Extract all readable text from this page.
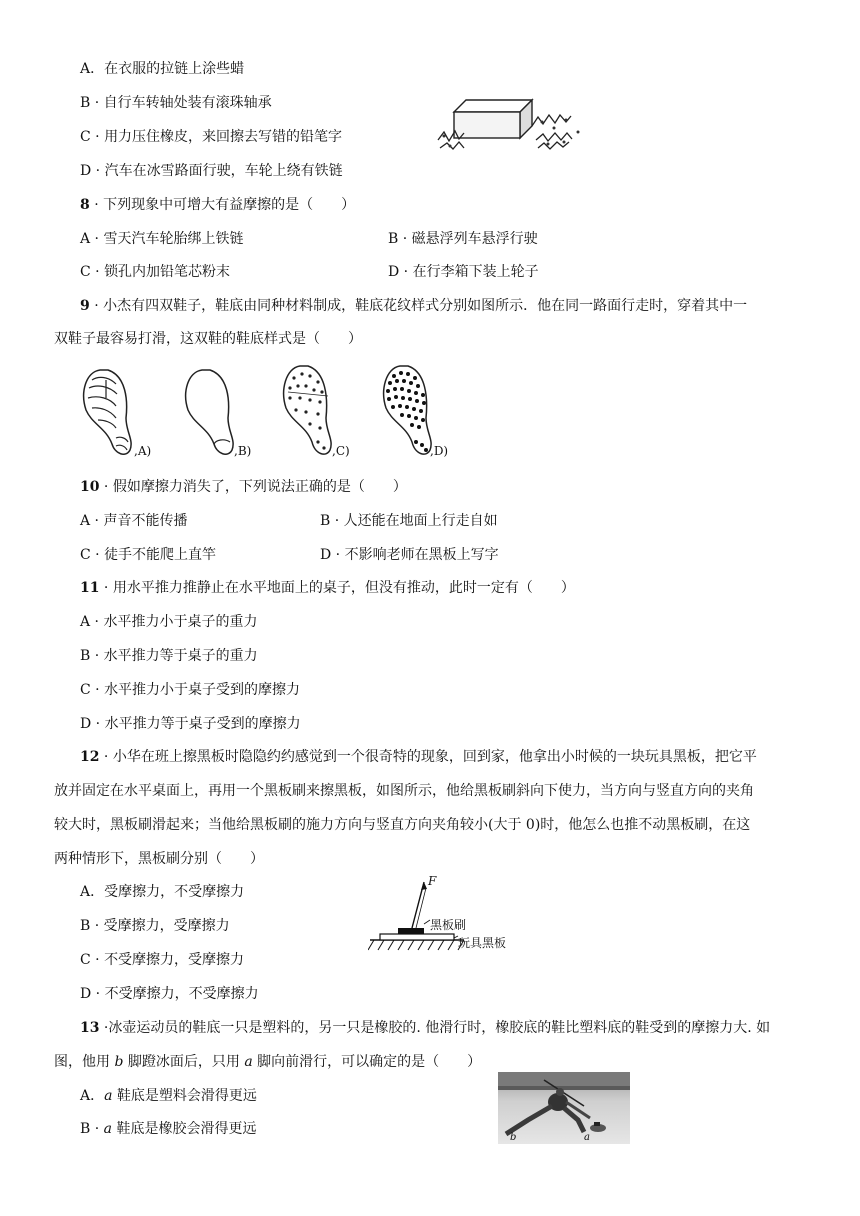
A．在衣服的拉链上涂些蜡
B · 自行车转轴处装有滚珠轴承
C · 用力压住橡皮，来回擦去写错的铅笔字
D · 汽车在冰雪路面行驶，车轮上绕有铁链
8 · 下列现象中可增大有益摩擦的是（　　）
A · 雪天汽车轮胎绑上铁链	B · 磁悬浮列车悬浮行驶
C · 锁孔内加铅笔芯粉末	D · 在行李箱下装上轮子
9 · 小杰有四双鞋子，鞋底由同种材料制成，鞋底花纹样式分别如图所示．他在同一路面行走时，穿着其中一
双鞋子最容易打滑，这双鞋的鞋底样式是（　　）
,A)	,B)	,C)	,D)
10 · 假如摩擦力消失了，下列说法正确的是（　　）
A · 声音不能传播	B · 人还能在地面上行走自如
C · 徒手不能爬上直竿	D · 不影响老师在黑板上写字
11 · 用水平推力推静止在水平地面上的桌子，但没有推动，此时一定有（　　）
A · 水平推力小于桌子的重力
B · 水平推力等于桌子的重力
C · 水平推力小于桌子受到的摩擦力
D · 水平推力等于桌子受到的摩擦力
12 · 小华在班上擦黑板时隐隐约约感觉到一个很奇特的现象，回到家，他拿出小时候的一块玩具黑板，把它平
放并固定在水平桌面上，再用一个黑板刷来擦黑板，如图所示，他给黑板刷斜向下使力，当方向与竖直方向的夹角
较大时，黑板刷滑起来；当他给黑板刷的施力方向与竖直方向夹角较小(大于 0)时，他怎么也推不动黑板刷，在这
两种情形下，黑板刷分别（　　）
A．受摩擦力，不受摩擦力
B · 受摩擦力，受摩擦力
C · 不受摩擦力，受摩擦力
D · 不受摩擦力，不受摩擦力
F
黑板刷
玩具黑板
13 ·冰壶运动员的鞋底一只是塑料的，另一只是橡胶的. 他滑行时，橡胶底的鞋比塑料底的鞋受到的摩擦力大. 如
图，他用 b 脚蹬冰面后，只用 a 脚向前滑行，可以确定的是（　　）
A．a 鞋底是塑料会滑得更远
B · a 鞋底是橡胶会滑得更远
b	a
